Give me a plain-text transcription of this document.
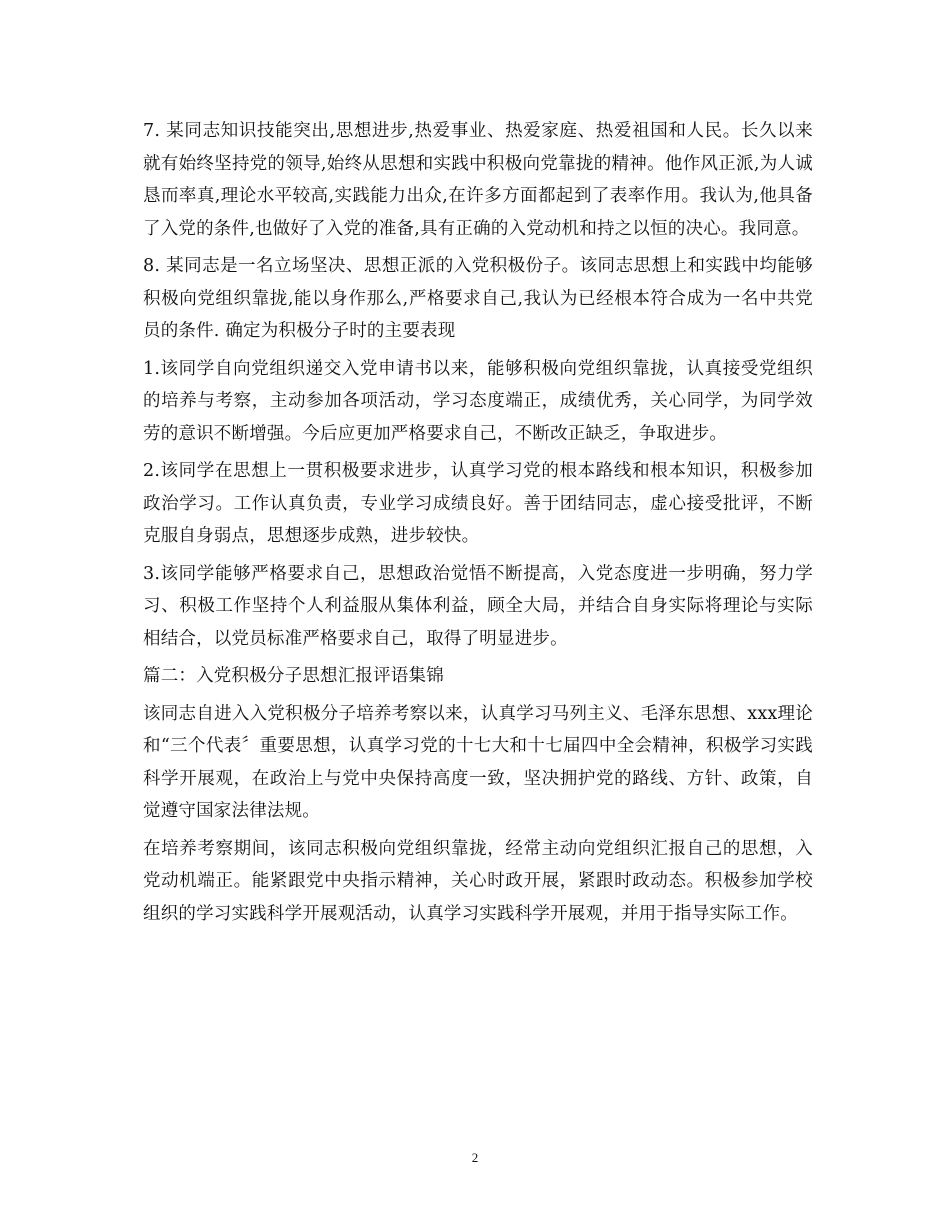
7. 某同志知识技能突出,思想进步,热爱事业、热爱家庭、热爱祖国和人民。长久以来就有始终坚持党的领导,始终从思想和实践中积极向党靠拢的精神。他作风正派,为人诚恳而率真,理论水平较高,实践能力出众,在许多方面都起到了表率作用。我认为,他具备了入党的条件,也做好了入党的准备,具有正确的入党动机和持之以恒的决心。我同意。

8. 某同志是一名立场坚决、思想正派的入党积极份子。该同志思想上和实践中均能够积极向党组织靠拢,能以身作那么,严格要求自己,我认为已经根本符合成为一名中共党员的条件. 确定为积极分子时的主要表现

1.该同学自向党组织递交入党申请书以来，能够积极向党组织靠拢，认真接受党组织的培养与考察，主动参加各项活动，学习态度端正，成绩优秀，关心同学，为同学效劳的意识不断增强。今后应更加严格要求自己，不断改正缺乏，争取进步。

2.该同学在思想上一贯积极要求进步，认真学习党的根本路线和根本知识，积极参加政治学习。工作认真负责，专业学习成绩良好。善于团结同志，虚心接受批评，不断克服自身弱点，思想逐步成熟，进步较快。

3.该同学能够严格要求自己，思想政治觉悟不断提高，入党态度进一步明确，努力学习、积极工作坚持个人利益服从集体利益，顾全大局，并结合自身实际将理论与实际相结合，以党员标准严格要求自己，取得了明显进步。

篇二：入党积极分子思想汇报评语集锦

该同志自进入入党积极分子培养考察以来，认真学习马列主义、毛泽东思想、xxx理论和“三个代表〞重要思想，认真学习党的十七大和十七届四中全会精神，积极学习实践科学开展观，在政治上与党中央保持高度一致，坚决拥护党的路线、方针、政策，自觉遵守国家法律法规。

在培养考察期间，该同志积极向党组织靠拢，经常主动向党组织汇报自己的思想，入党动机端正。能紧跟党中央指示精神，关心时政开展，紧跟时政动态。积极参加学校组织的学习实践科学开展观活动，认真学习实践科学开展观，并用于指导实际工作。

2
